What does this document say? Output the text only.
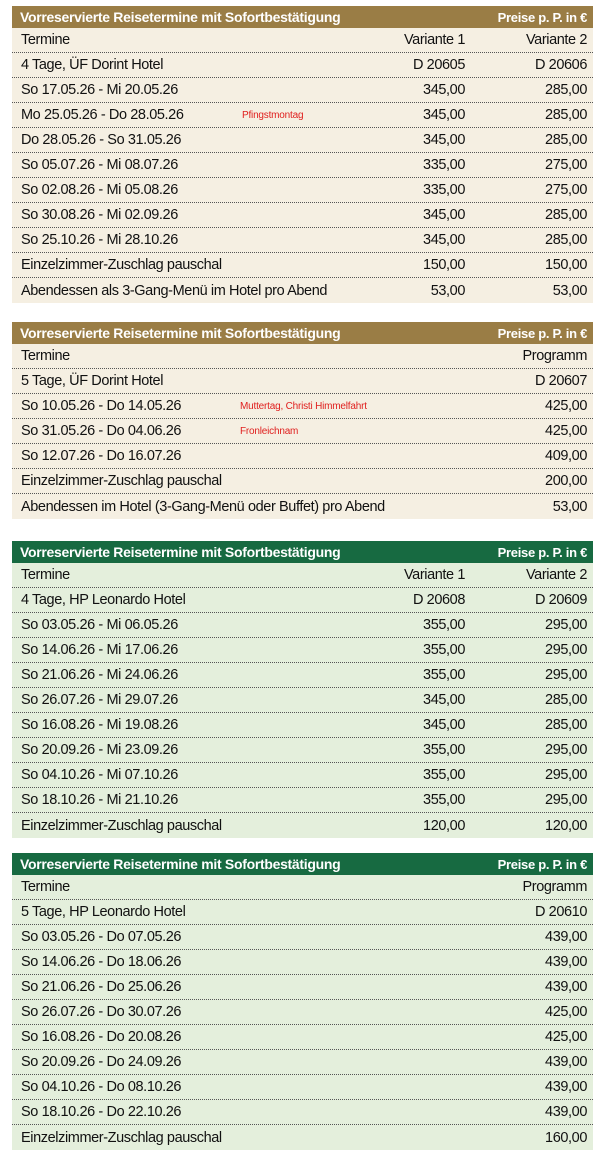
Vorreservierte Reisetermine mit Sofortbestätigung	Preise p. P. in €
Termine	Variante 1	Variante 2
4 Tage, ÜF Dorint Hotel	D 20605	D 20606
So 17.05.26 - Mi 20.05.26	345,00	285,00
Mo 25.05.26 - Do 28.05.26	Pfingstmontag	345,00	285,00
Do 28.05.26 - So 31.05.26	345,00	285,00
So 05.07.26 - Mi 08.07.26	335,00	275,00
So 02.08.26 - Mi 05.08.26	335,00	275,00
So 30.08.26 - Mi 02.09.26	345,00	285,00
So 25.10.26 - Mi 28.10.26	345,00	285,00
Einzelzimmer-Zuschlag pauschal	150,00	150,00
Abendessen als 3-Gang-Menü im Hotel pro Abend	53,00	53,00
Vorreservierte Reisetermine mit Sofortbestätigung	Preise p. P. in €
Termine	Programm
5 Tage, ÜF Dorint Hotel	D 20607
So 10.05.26 - Do 14.05.26	Muttertag, Christi Himmelfahrt	425,00
So 31.05.26 - Do 04.06.26	Fronleichnam	425,00
So 12.07.26 - Do 16.07.26	409,00
Einzelzimmer-Zuschlag pauschal	200,00
Abendessen im Hotel (3-Gang-Menü oder Buffet) pro Abend	53,00
Vorreservierte Reisetermine mit Sofortbestätigung	Preise p. P. in €
Termine	Variante 1	Variante 2
4 Tage, HP Leonardo Hotel	D 20608	D 20609
So 03.05.26 - Mi 06.05.26	355,00	295,00
So 14.06.26 - Mi 17.06.26	355,00	295,00
So 21.06.26 - Mi 24.06.26	355,00	295,00
So 26.07.26 - Mi 29.07.26	345,00	285,00
So 16.08.26 - Mi 19.08.26	345,00	285,00
So 20.09.26 - Mi 23.09.26	355,00	295,00
So 04.10.26 - Mi 07.10.26	355,00	295,00
So 18.10.26 - Mi 21.10.26	355,00	295,00
Einzelzimmer-Zuschlag pauschal	120,00	120,00
Vorreservierte Reisetermine mit Sofortbestätigung	Preise p. P. in €
Termine	Programm
5 Tage, HP Leonardo Hotel	D 20610
So 03.05.26 - Do 07.05.26	439,00
So 14.06.26 - Do 18.06.26	439,00
So 21.06.26 - Do 25.06.26	439,00
So 26.07.26 - Do 30.07.26	425,00
So 16.08.26 - Do 20.08.26	425,00
So 20.09.26 - Do 24.09.26	439,00
So 04.10.26 - Do 08.10.26	439,00
So 18.10.26 - Do 22.10.26	439,00
Einzelzimmer-Zuschlag pauschal	160,00
